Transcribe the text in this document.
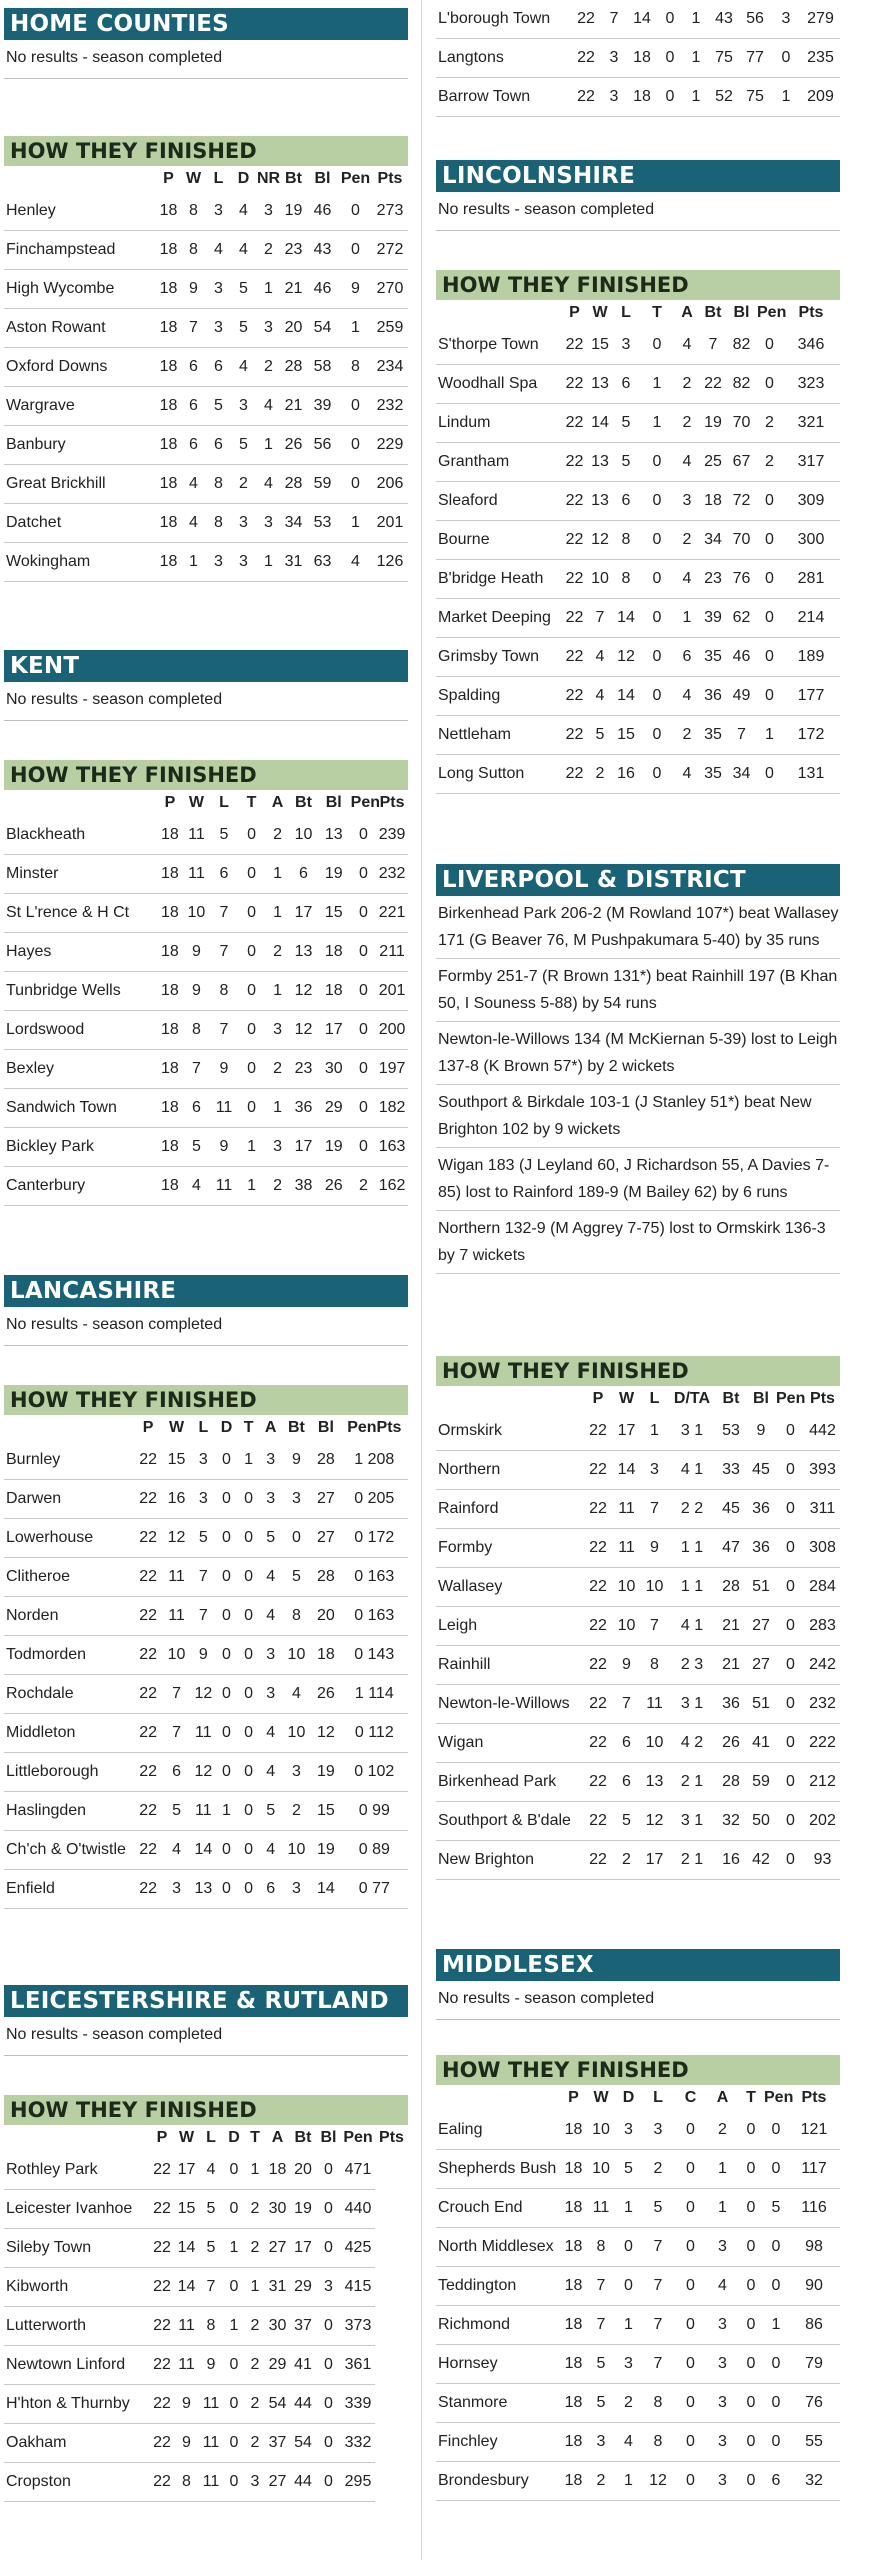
HOME COUNTIES
No results - season completed
HOW THEY FINISHED
	P	W	L	D	NR	Bt	Bl	Pen	Pts
Henley	18	8	3	4	3	19	46	0	273
Finchampstead	18	8	4	4	2	23	43	0	272
High Wycombe	18	9	3	5	1	21	46	9	270
Aston Rowant	18	7	3	5	3	20	54	1	259
Oxford Downs	18	6	6	4	2	28	58	8	234
Wargrave	18	6	5	3	4	21	39	0	232
Banbury	18	6	6	5	1	26	56	0	229
Great Brickhill	18	4	8	2	4	28	59	0	206
Datchet	18	4	8	3	3	34	53	1	201
Wokingham	18	1	3	3	1	31	63	4	126
KENT
No results - season completed
HOW THEY FINISHED
	P	W	L	T	A	Bt	Bl	Pen	Pts
Blackheath	18	11	5	0	2	10	13	0	239
Minster	18	11	6	0	1	6	19	0	232
St L'rence & H Ct	18	10	7	0	1	17	15	0	221
Hayes	18	9	7	0	2	13	18	0	211
Tunbridge Wells	18	9	8	0	1	12	18	0	201
Lordswood	18	8	7	0	3	12	17	0	200
Bexley	18	7	9	0	2	23	30	0	197
Sandwich Town	18	6	11	0	1	36	29	0	182
Bickley Park	18	5	9	1	3	17	19	0	163
Canterbury	18	4	11	1	2	38	26	2	162
LANCASHIRE
No results - season completed
HOW THEY FINISHED
	P	W	L	D	T	A	Bt	Bl	PenPts
Burnley	22	15	3	0	1	3	9	28	1 208
Darwen	22	16	3	0	0	3	3	27	0 205
Lowerhouse	22	12	5	0	0	5	0	27	0 172
Clitheroe	22	11	7	0	0	4	5	28	0 163
Norden	22	11	7	0	0	4	8	20	0 163
Todmorden	22	10	9	0	0	3	10	18	0 143
Rochdale	22	7	12	0	0	3	4	26	1 114
Middleton	22	7	11	0	0	4	10	12	0 112
Littleborough	22	6	12	0	0	4	3	19	0 102
Haslingden	22	5	11	1	0	5	2	15	0 99
Ch'ch & O'twistle	22	4	14	0	0	4	10	19	0 89
Enfield	22	3	13	0	0	6	3	14	0 77
LEICESTERSHIRE & RUTLAND
No results - season completed
HOW THEY FINISHED
	P	W	L	D	T	A	Bt	Bl	Pen	Pts
Rothley Park	22	17	4	0	1	18	20	0	471	
Leicester Ivanhoe	22	15	5	0	2	30	19	0	440	
Sileby Town	22	14	5	1	2	27	17	0	425	
Kibworth	22	14	7	0	1	31	29	3	415	
Lutterworth	22	11	8	1	2	30	37	0	373	
Newtown Linford	22	11	9	0	2	29	41	0	361	
H'hton & Thurnby	22	9	11	0	2	54	44	0	339	
Oakham	22	9	11	0	2	37	54	0	332	
Cropston	22	8	11	0	3	27	44	0	295	
L'borough Town	22	7	14	0	1	43	56	3	279
Langtons	22	3	18	0	1	75	77	0	235
Barrow Town	22	3	18	0	1	52	75	1	209
LINCOLNSHIRE
No results - season completed
HOW THEY FINISHED
	P	W	L	T	A	Bt	Bl	Pen	Pts
S'thorpe Town	22	15	3	0	4	7	82	0	346
Woodhall Spa	22	13	6	1	2	22	82	0	323
Lindum	22	14	5	1	2	19	70	2	321
Grantham	22	13	5	0	4	25	67	2	317
Sleaford	22	13	6	0	3	18	72	0	309
Bourne	22	12	8	0	2	34	70	0	300
B'bridge Heath	22	10	8	0	4	23	76	0	281
Market Deeping	22	7	14	0	1	39	62	0	214
Grimsby Town	22	4	12	0	6	35	46	0	189
Spalding	22	4	14	0	4	36	49	0	177
Nettleham	22	5	15	0	2	35	7	1	172
Long Sutton	22	2	16	0	4	35	34	0	131
LIVERPOOL & DISTRICT
Birkenhead Park 206-2 (M Rowland 107*) beat Wallasey 171 (G Beaver 76, M Pushpakumara 5-40) by 35 runs
Formby 251-7 (R Brown 131*) beat Rainhill 197 (B Khan 50, I Souness 5-88) by 54 runs
Newton-le-Willows 134 (M McKiernan 5-39) lost to Leigh 137-8 (K Brown 57*) by 2 wickets
Southport & Birkdale 103-1 (J Stanley 51*) beat New Brighton 102 by 9 wickets
Wigan 183 (J Leyland 60, J Richardson 55, A Davies 7-85) lost to Rainford 189-9 (M Bailey 62) by 6 runs
Northern 132-9 (M Aggrey 7-75) lost to Ormskirk 136-3 by 7 wickets
HOW THEY FINISHED
	P	W	L	D/TA	Bt	Bl	Pen	Pts
Ormskirk	22	17	1	3 1	53	9	0	442
Northern	22	14	3	4 1	33	45	0	393
Rainford	22	11	7	2 2	45	36	0	311
Formby	22	11	9	1 1	47	36	0	308
Wallasey	22	10	10	1 1	28	51	0	284
Leigh	22	10	7	4 1	21	27	0	283
Rainhill	22	9	8	2 3	21	27	0	242
Newton-le-Willows	22	7	11	3 1	36	51	0	232
Wigan	22	6	10	4 2	26	41	0	222
Birkenhead Park	22	6	13	2 1	28	59	0	212
Southport & B'dale	22	5	12	3 1	32	50	0	202
New Brighton	22	2	17	2 1	16	42	0	93
MIDDLESEX
No results - season completed
HOW THEY FINISHED
	P	W	D	L	C	A	T	Pen	Pts
Ealing	18	10	3	3	0	2	0	0	121
Shepherds Bush	18	10	5	2	0	1	0	0	117
Crouch End	18	11	1	5	0	1	0	5	116
North Middlesex	18	8	0	7	0	3	0	0	98
Teddington	18	7	0	7	0	4	0	0	90
Richmond	18	7	1	7	0	3	0	1	86
Hornsey	18	5	3	7	0	3	0	0	79
Stanmore	18	5	2	8	0	3	0	0	76
Finchley	18	3	4	8	0	3	0	0	55
Brondesbury	18	2	1	12	0	3	0	6	32
